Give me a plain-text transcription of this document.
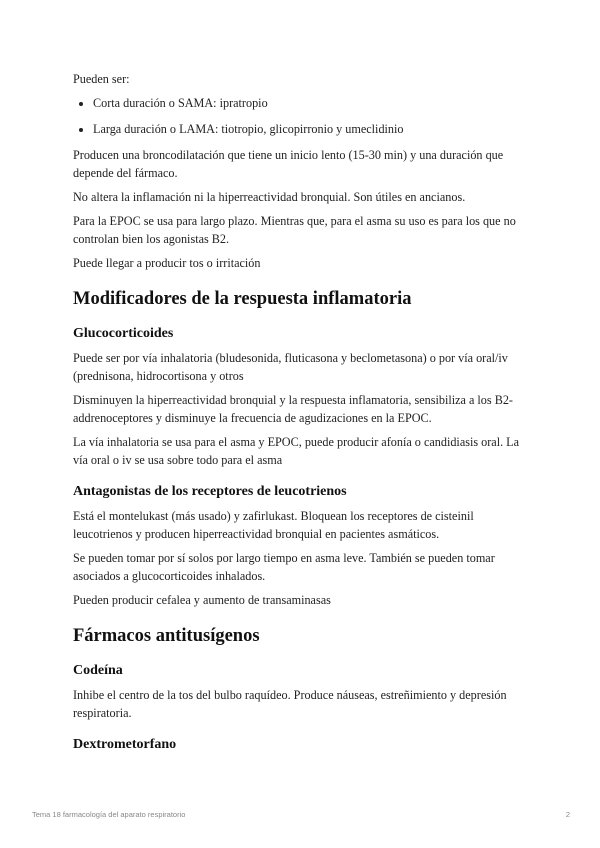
Pueden ser:

• Corta duración o SAMA: ipratropio
• Larga duración o LAMA: tiotropio, glicopirronio y umeclidinio

Producen una broncodilatación que tiene un inicio lento (15-30 min) y una duración que depende del fármaco.

No altera la inflamación ni la hiperreactividad bronquial. Son útiles en ancianos.

Para la EPOC se usa para largo plazo. Mientras que, para el asma su uso es para los que no controlan bien los agonistas B2.

Puede llegar a producir tos o irritación

Modificadores de la respuesta inflamatoria
Glucocorticoides

Puede ser por vía inhalatoria (bludesonida, fluticasona y beclometasona) o por vía oral/iv (prednisona, hidrocortisona y otros

Disminuyen la hiperreactividad bronquial y la respuesta inflamatoria, sensibiliza a los B2-addrenoceptores y disminuye la frecuencia de agudizaciones en la EPOC.

La vía inhalatoria se usa para el asma y EPOC, puede producir afonía o candidiasis oral. La vía oral o iv se usa sobre todo para el asma

Antagonistas de los receptores de leucotrienos

Está el montelukast (más usado) y zafirlukast. Bloquean los receptores de cisteinil leucotrienos y producen hiperreactividad bronquial en pacientes asmáticos.

Se pueden tomar por sí solos por largo tiempo en asma leve. También se pueden tomar asociados a glucocorticoides inhalados.

Pueden producir cefalea y aumento de transaminasas

Fármacos antitusígenos
Codeína

Inhibe el centro de la tos del bulbo raquídeo. Produce náuseas, estreñimiento y depresión respiratoria.

Dextrometorfano
Tema 18 farmacología del aparato respiratorio	2
